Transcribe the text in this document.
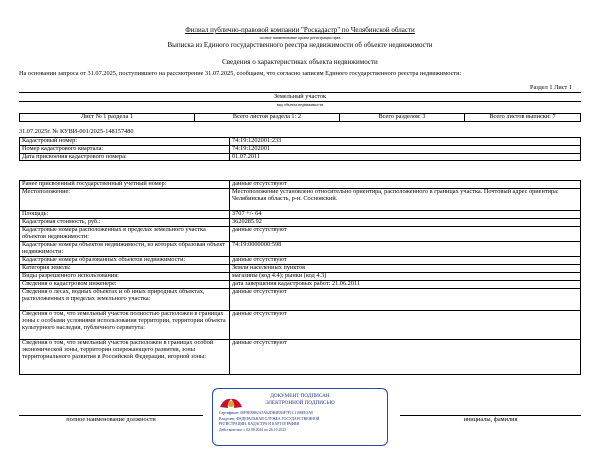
Филиал публично-правовой компании "Роскадастр" по Челябинской области
полное наименование органа регистрации прав
Выписка из Единого государственного реестра недвижимости об объекте недвижимости
Сведения о характеристиках объекта недвижимости
На основании запроса от 31.07.2025, поступившего на рассмотрение 31.07.2025, сообщаем, что согласно записям Единого государственного реестра недвижимости:
Раздел 1 Лист 1
Земельный участок
вид объекта недвижимости
Лист № 1 раздела 1	Всего листов раздела 1: 2	Всего разделов: 3	Всего листов выписки: 7
31.07.2025г. № КУВИ-001/2025-148157480
Кадастровый номер:	74:19:1202001:233
Номер кадастрового квартала:	74:19:1202001
Дата присвоения кадастрового номера:	01.07.2011
Ранее присвоенный государственный учетный номер:	данные отсутствуют
Местоположение:	Местоположение установлено относительно ориентира, расположенного в границах участка. Почтовый адрес ориентира: Челябинская область, р-н. Сосновский.
Площадь:	3707 +/- 64
Кадастровая стоимость, руб.:	3620285.92
Кадастровые номера расположенных в пределах земельного участка объектов недвижимости:	данные отсутствуют
Кадастровые номера объектов недвижимости, из которых образован объект недвижимости:	74:19:0000000:598
Кадастровые номера образованных объектов недвижимости:	данные отсутствуют
Категория земель:	Земли населенных пунктов
Виды разрешенного использования:	магазины (код 4.4); рынки (код 4.3)
Сведения о кадастровом инженере:	дата завершения кадастровых работ: 21.06.2011
Сведения о лесах, водных объектах и об иных природных объектах, расположенных в пределах земельного участка:	данные отсутствуют
Сведения о том, что земельный участок полностью расположен в границах зоны с особыми условиями использования территории, территории объекта культурного наследия, публичного сервитута:	данные отсутствуют
Сведения о том, что земельный участок расположен в границах особой экономической зоны, территории опережающего развития, зоны территориального развития в Российской Федерации, игорной зоны:	данные отсутствуют
полное наименование должности	инициалы, фамилия
ДОКУМЕНТ ПОДПИСАН
ЭЛЕКТРОННОЙ ПОДПИСЬЮ
Сертификат: 00F9E8B82A5A62DB4EB4F7F1C1198EE3A0
Владелец: ФЕДЕРАЛЬНАЯ СЛУЖБА ГОСУДАРСТВЕННОЙ
РЕГИСТРАЦИИ, КАДАСТРА И КАРТОГРАФИИ
Действителен: с 02.08.2024 по 26.10.2025
